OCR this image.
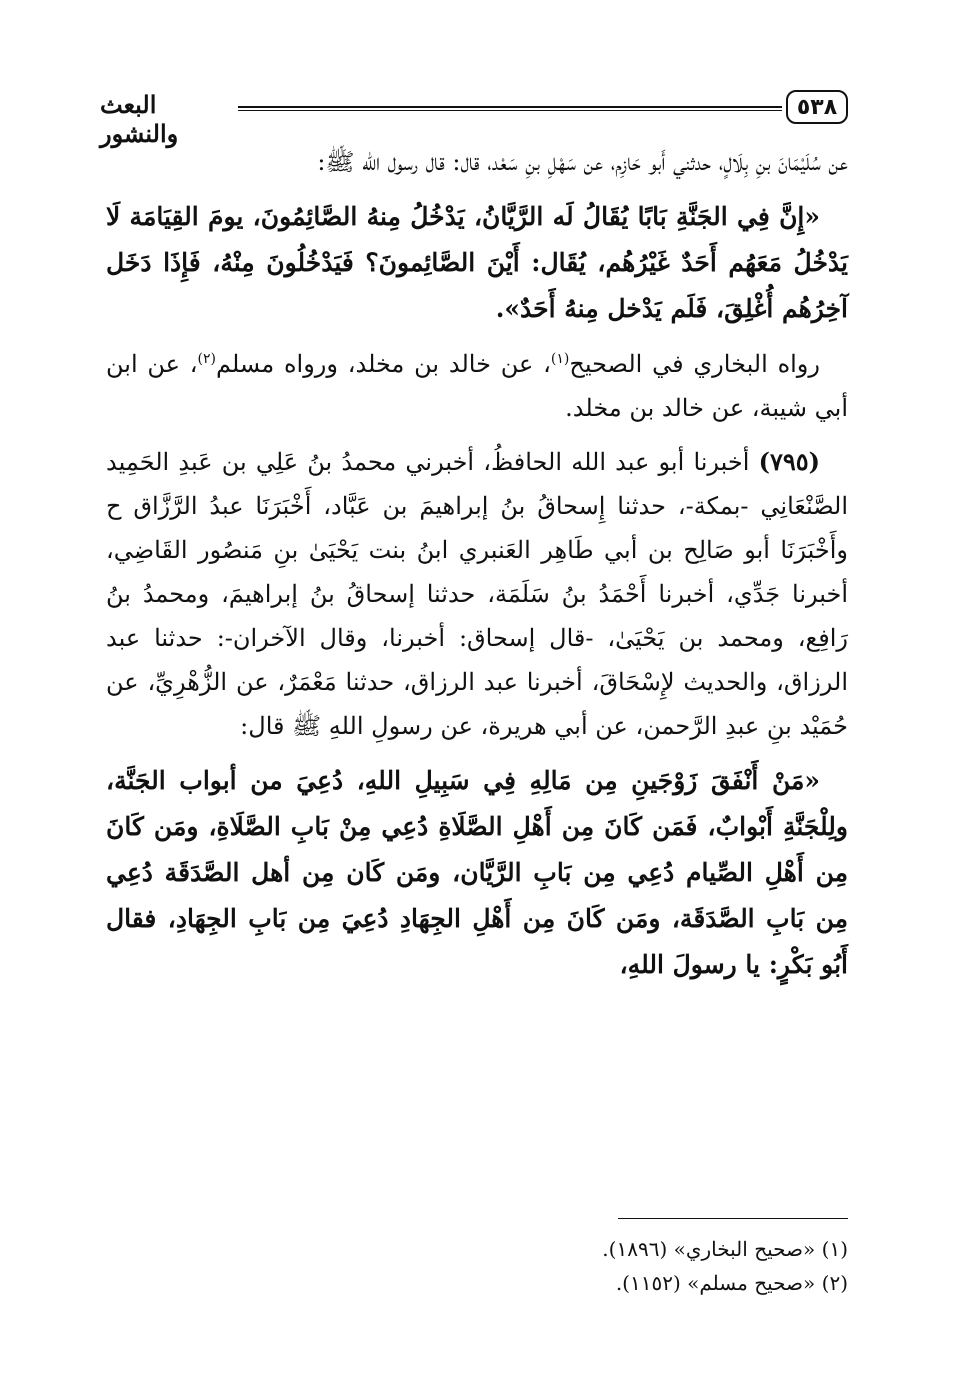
٥٣٨
البعث والنشور

عن سُلَيْمَانَ بنِ بِلَالٍ، حدثني أَبو حَازِم، عن سَهْلِ بنِ سَعْد، قال: قال رسول الله ﷺ:

«إِنَّ فِي الجَنَّةِ بَابًا يُقَالُ لَه الرَّيَّانُ، يَدْخُلُ مِنهُ الصَّائِمُونَ، يومَ القِيَامَة لَا يَدْخُلُ مَعَهُم أَحَدٌ غَيْرُهُم، يُقَال: أَيْنَ الصَّائِمونَ؟ فَيَدْخُلُونَ مِنْهُ، فَإِذَا دَخَل آخِرُهُم أُغْلِقَ، فَلَم يَدْخل مِنهُ أَحَدٌ».

رواه البخاري في الصحيح$^{(١)}$، عن خالد بن مخلد، ورواه مسلم$^{(٢)}$، عن ابن أبي شيبة، عن خالد بن مخلد.

(٧٩٥) أخبرنا أبو عبد الله الحافظُ، أخبرني محمدُ بنُ عَلِي بن عَبدِ الحَمِيد الصَّنْعَانِي -بمكة-، حدثنا إِسحاقُ بنُ إبراهيمَ بن عَبَّاد، أَخْبَرَنَا عبدُ الرَّزَّاق ح وأَخْبَرَنَا أبو صَالِح بن أبي طَاهِر العَنبري ابنُ بنت يَحْيَىٰ بنِ مَنصُور القَاضِي، أخبرنا جَدِّي، أخبرنا أَحْمَدُ بنُ سَلَمَة، حدثنا إسحاقُ بنُ إبراهيمَ، ومحمدُ بنُ رَافِع، ومحمد بن يَحْيَىٰ، -قال إسحاق: أخبرنا، وقال الآخران-: حدثنا عبد الرزاق، والحديث لإِسْحَاقَ، أخبرنا عبد الرزاق، حدثنا مَعْمَرٌ، عن الزُّهْرِيِّ، عن حُمَيْد بنِ عبدِ الرَّحمن، عن أبي هريرة، عن رسولِ اللهِ ﷺ قال:

«مَنْ أَنْفَقَ زَوْجَينِ مِن مَالِهِ فِي سَبِيلِ اللهِ، دُعِيَ من أبواب الجَنَّة، ولِلْجَنَّةِ أَبْوابٌ، فَمَن كَانَ مِن أَهْلِ الصَّلَاةِ دُعِي مِنْ بَابِ الصَّلَاةِ، ومَن كَانَ مِن أَهْلِ الصِّيام دُعِي مِن بَابِ الرَّيَّان، ومَن كَان مِن أهل الصَّدَقَة دُعِي مِن بَابِ الصَّدَقَة، ومَن كَانَ مِن أَهْلِ الجِهَادِ دُعِيَ مِن بَابِ الجِهَادِ، فقال أَبُو بَكْرٍ: يا رسولَ اللهِ،

(١) «صحيح البخاري» (١٨٩٦).
(٢) «صحيح مسلم» (١١٥٢).
